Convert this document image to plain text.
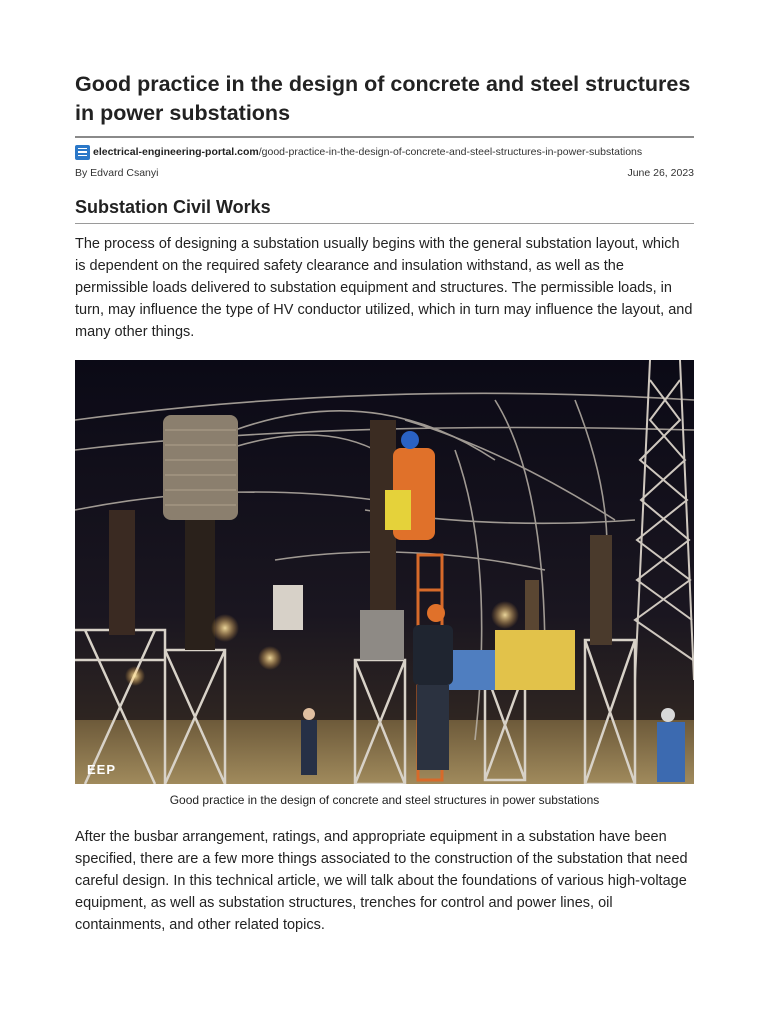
Good practice in the design of concrete and steel structures in power substations
electrical-engineering-portal.com /good-practice-in-the-design-of-concrete-and-steel-structures-in-power-substations
By Edvard Csanyi	June 26, 2023
Substation Civil Works

The process of designing a substation usually begins with the general substation layout, which is dependent on the required safety clearance and insulation withstand, as well as the permissible loads delivered to substation equipment and structures. The permissible loads, in turn, may influence the type of HV conductor utilized, which in turn may influence the layout, and many other things.

EEP
Good practice in the design of concrete and steel structures in power substations

After the busbar arrangement, ratings, and appropriate equipment in a substation have been specified, there are a few more things associated to the construction of the substation that need careful design. In this technical article, we will talk about the foundations of various high-voltage equipment, as well as substation structures, trenches for control and power lines, oil containments, and other related topics.
